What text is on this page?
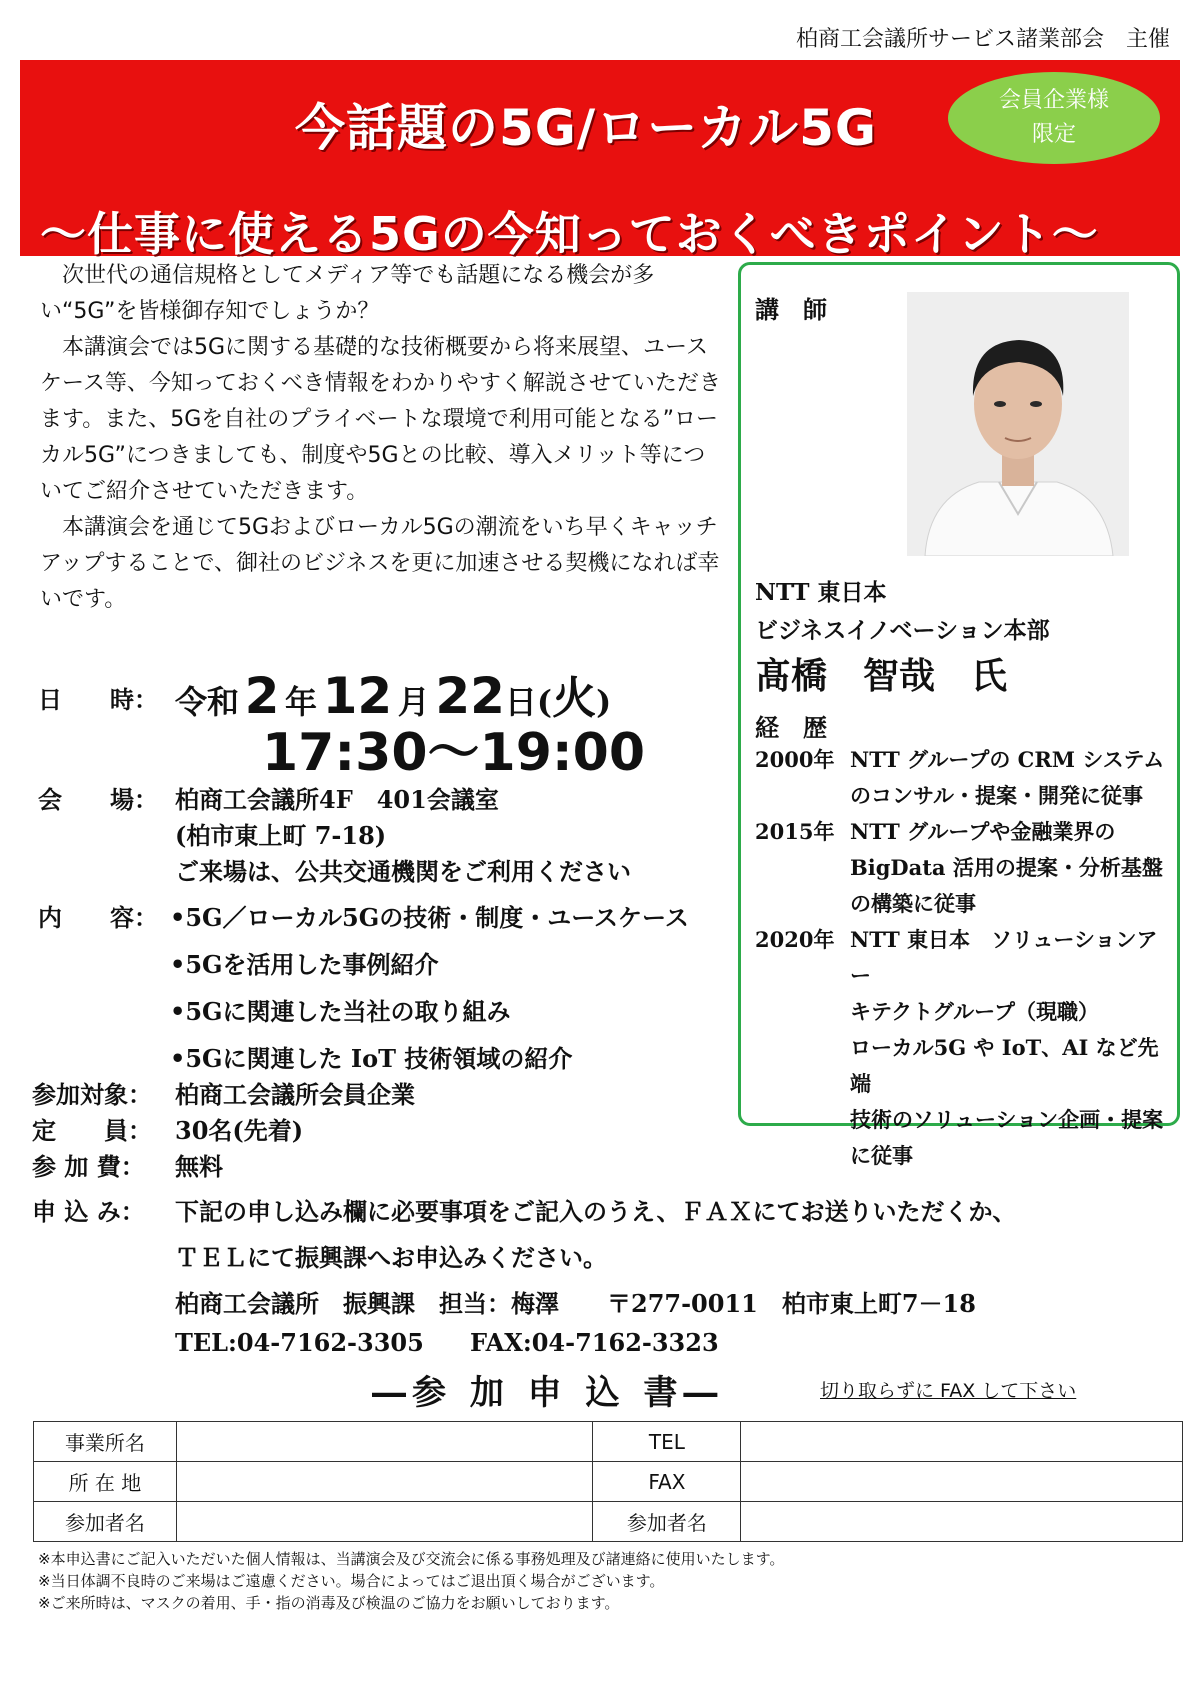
柏商工会議所サービス諸業部会　主催
今話題の5G/ローカル5G
～仕事に使える5Gの今知っておくべきポイント～
会員企業様
限定

次世代の通信規格としてメディア等でも話題になる機会が多い“5G”を皆様御存知でしょうか？

本講演会では5Gに関する基礎的な技術概要から将来展望、ユースケース等、今知っておくべき情報をわかりやすく解説させていただきます。また、5Gを自社のプライベートな環境で利用可能となる”ローカル5G”につきましても、制度や5Gとの比較、導入メリット等についてご紹介させていただきます。

本講演会を通じて5Gおよびローカル5Gの潮流をいち早くキャッチアップすることで、御社のビジネスを更に加速させる契機になれば幸いです。

講　師
NTT 東日本
ビジネスイノベーション本部
髙橋　智哉　氏
経　歴
2000年 NTT グループの CRM システム
のコンサル・提案・開発に従事
2015年 NTT グループや金融業界の
BigData 活用の提案・分析基盤
の構築に従事
2020年 NTT 東日本　ソリューションアー
キテクトグループ（現職）
ローカル5G や IoT、AI など先端
技術のソリューション企画・提案
に従事
日　　時： 令和 2 年 12 月 22日(火)
17:30～19:00
会　　場： 柏商工会議所4F　401会議室
(柏市東上町 7-18)
ご来場は、公共交通機関をご利用ください
内　　容： •5G／ローカル5Gの技術・制度・ユースケース
•5Gを活用した事例紹介
•5Gに関連した当社の取り組み
•5Gに関連した IoT 技術領域の紹介
参加対象： 柏商工会議所会員企業
定　　員： 30名(先着)
参 加 費： 無料
申 込 み： 下記の申し込み欄に必要事項をご記入のうえ、ＦＡＸにてお送りいただくか、
ＴＥＬにて振興課へお申込みください。
柏商工会議所　振興課　担当：梅澤　　〒277-0011　柏市東上町7－18
TEL:04-7162-3305 FAX:04-7162-3323
―参 加 申 込 書―	切り取らずに FAX して下さい
事業所名		TEL	
所 在 地		FAX	
参加者名		参加者名	
※本申込書にご記入いただいた個人情報は、当講演会及び交流会に係る事務処理及び諸連絡に使用いたします。
※当日体調不良時のご来場はご遠慮ください。場合によってはご退出頂く場合がございます。
※ご来所時は、マスクの着用、手・指の消毒及び検温のご協力をお願いしております。
